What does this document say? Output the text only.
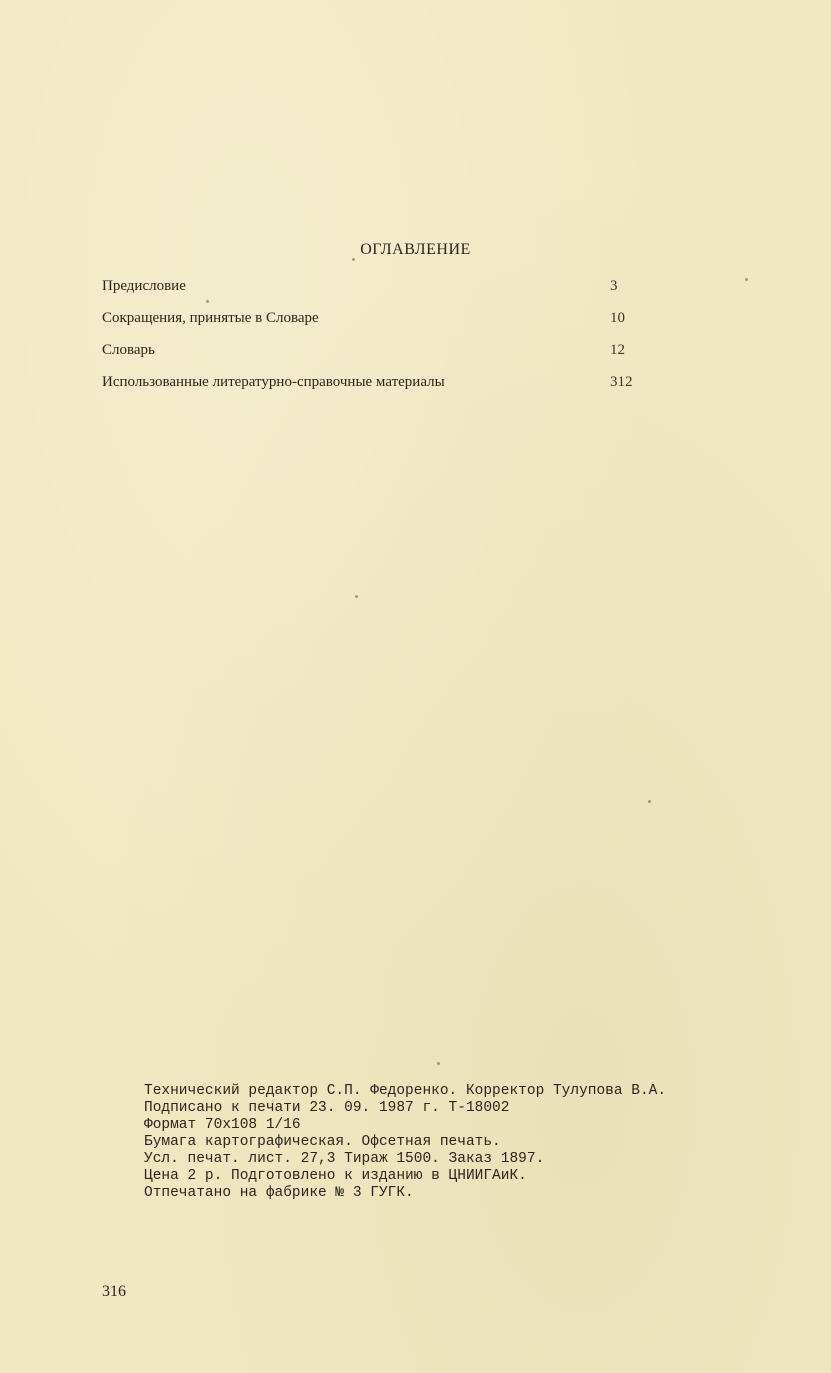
ОГЛАВЛЕНИЕ
Предисловие	3
Сокращения, принятые в Словаре	10
Словарь	12
Использованные литературно-справочные материалы	312
Технический редактор С.П. Федоренко. Корректор Тулупова В.А.
Подписано к печати 23. 09. 1987 г. Т-18002
Формат 70х108 1/16
Бумага картографическая. Офсетная печать.
Усл. печат. лист. 27,3 Тираж 1500. Заказ 1897.
Цена 2 р. Подготовлено к изданию в ЦНИИГАиК.
Отпечатано на фабрике № 3 ГУГК.
316
